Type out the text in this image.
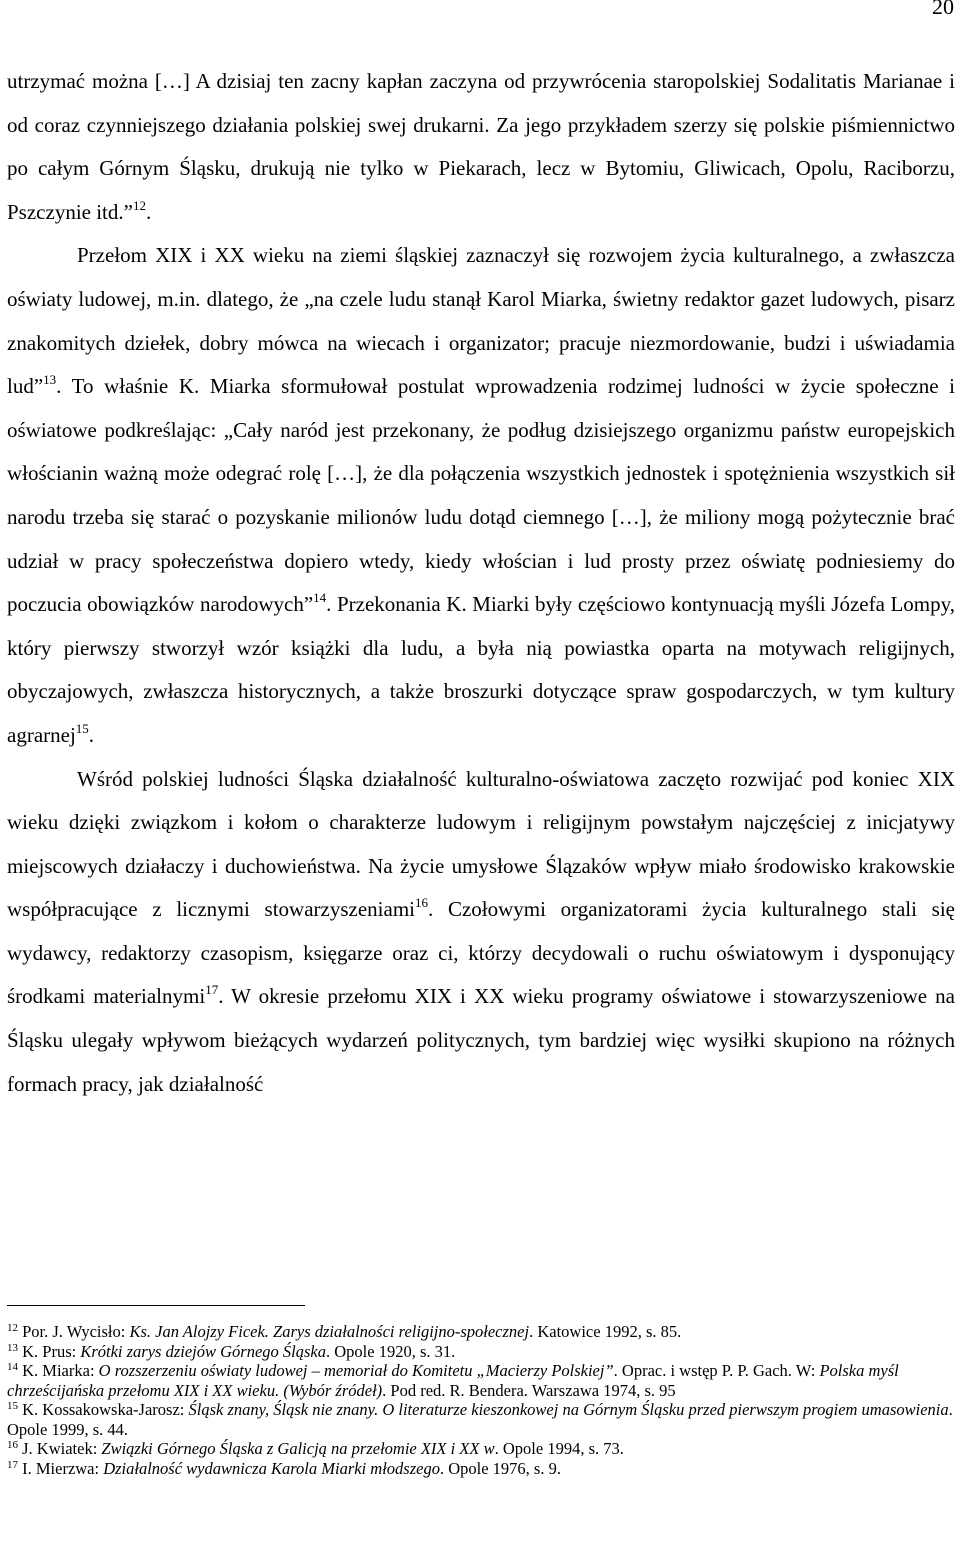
20

utrzymać można […] A dzisiaj ten zacny kapłan zaczyna od przywrócenia staropolskiej Sodalitatis Marianae i od coraz czynniejszego działania polskiej swej drukarni. Za jego przykładem szerzy się polskie piśmiennictwo po całym Górnym Śląsku, drukują nie tylko w Piekarach, lecz w Bytomiu, Gliwicach, Opolu, Raciborzu, Pszczynie itd.”$^{12}$.

Przełom XIX i XX wieku na ziemi śląskiej zaznaczył się rozwojem życia kulturalnego, a zwłaszcza oświaty ludowej, m.in. dlatego, że „na czele ludu stanął Karol Miarka, świetny redaktor gazet ludowych, pisarz znakomitych dziełek, dobry mówca na wiecach i organizator; pracuje niezmordowanie, budzi i uświadamia lud”$^{13}$. To właśnie K. Miarka sformułował postulat wprowadzenia rodzimej ludności w życie społeczne i oświatowe podkreślając: „Cały naród jest przekonany, że podług dzisiejszego organizmu państw europejskich włościanin ważną może odegrać rolę […], że dla połączenia wszystkich jednostek i spotężnienia wszystkich sił narodu trzeba się starać o pozyskanie milionów ludu dotąd ciemnego […], że miliony mogą pożytecznie brać udział w pracy społeczeństwa dopiero wtedy, kiedy włościan i lud prosty przez oświatę podniesiemy do poczucia obowiązków narodowych”$^{14}$. Przekonania K. Miarki były częściowo kontynuacją myśli Józefa Lompy, który pierwszy stworzył wzór książki dla ludu, a była nią powiastka oparta na motywach religijnych, obyczajowych, zwłaszcza historycznych, a także broszurki dotyczące spraw gospodarczych, w tym kultury agrarnej$^{15}$.

Wśród polskiej ludności Śląska działalność kulturalno-oświatowa zaczęto rozwijać pod koniec XIX wieku dzięki związkom i kołom o charakterze ludowym i religijnym powstałym najczęściej z inicjatywy miejscowych działaczy i duchowieństwa. Na życie umysłowe Ślązaków wpływ miało środowisko krakowskie współpracujące z licznymi stowarzyszeniami$^{16}$. Czołowymi organizatorami życia kulturalnego stali się wydawcy, redaktorzy czasopism, księgarze oraz ci, którzy decydowali o ruchu oświatowym i dysponujący środkami materialnymi$^{17}$. W okresie przełomu XIX i XX wieku programy oświatowe i stowarzyszeniowe na Śląsku ulegały wpływom bieżących wydarzeń politycznych, tym bardziej więc wysiłki skupiono na różnych formach pracy, jak działalność

$^{12}$ Por. J. Wycisło: Ks. Jan Alojzy Ficek. Zarys działalności religijno-społecznej. Katowice 1992, s. 85.

$^{13}$ K. Prus: Krótki zarys dziejów Górnego Śląska. Opole 1920, s. 31.

$^{14}$ K. Miarka: O rozszerzeniu oświaty ludowej – memoriał do Komitetu „Macierzy Polskiej”. Oprac. i wstęp P. P. Gach. W: Polska myśl chrześcijańska przełomu XIX i XX wieku. (Wybór źródeł). Pod red. R. Bendera. Warszawa 1974, s. 95

$^{15}$ K. Kossakowska-Jarosz: Śląsk znany, Śląsk nie znany. O literaturze kieszonkowej na Górnym Śląsku przed pierwszym progiem umasowienia. Opole 1999, s. 44.

$^{16}$ J. Kwiatek: Związki Górnego Śląska z Galicją na przełomie XIX i XX w. Opole 1994, s. 73.

$^{17}$ I. Mierzwa: Działalność wydawnicza Karola Miarki młodszego. Opole 1976, s. 9.
